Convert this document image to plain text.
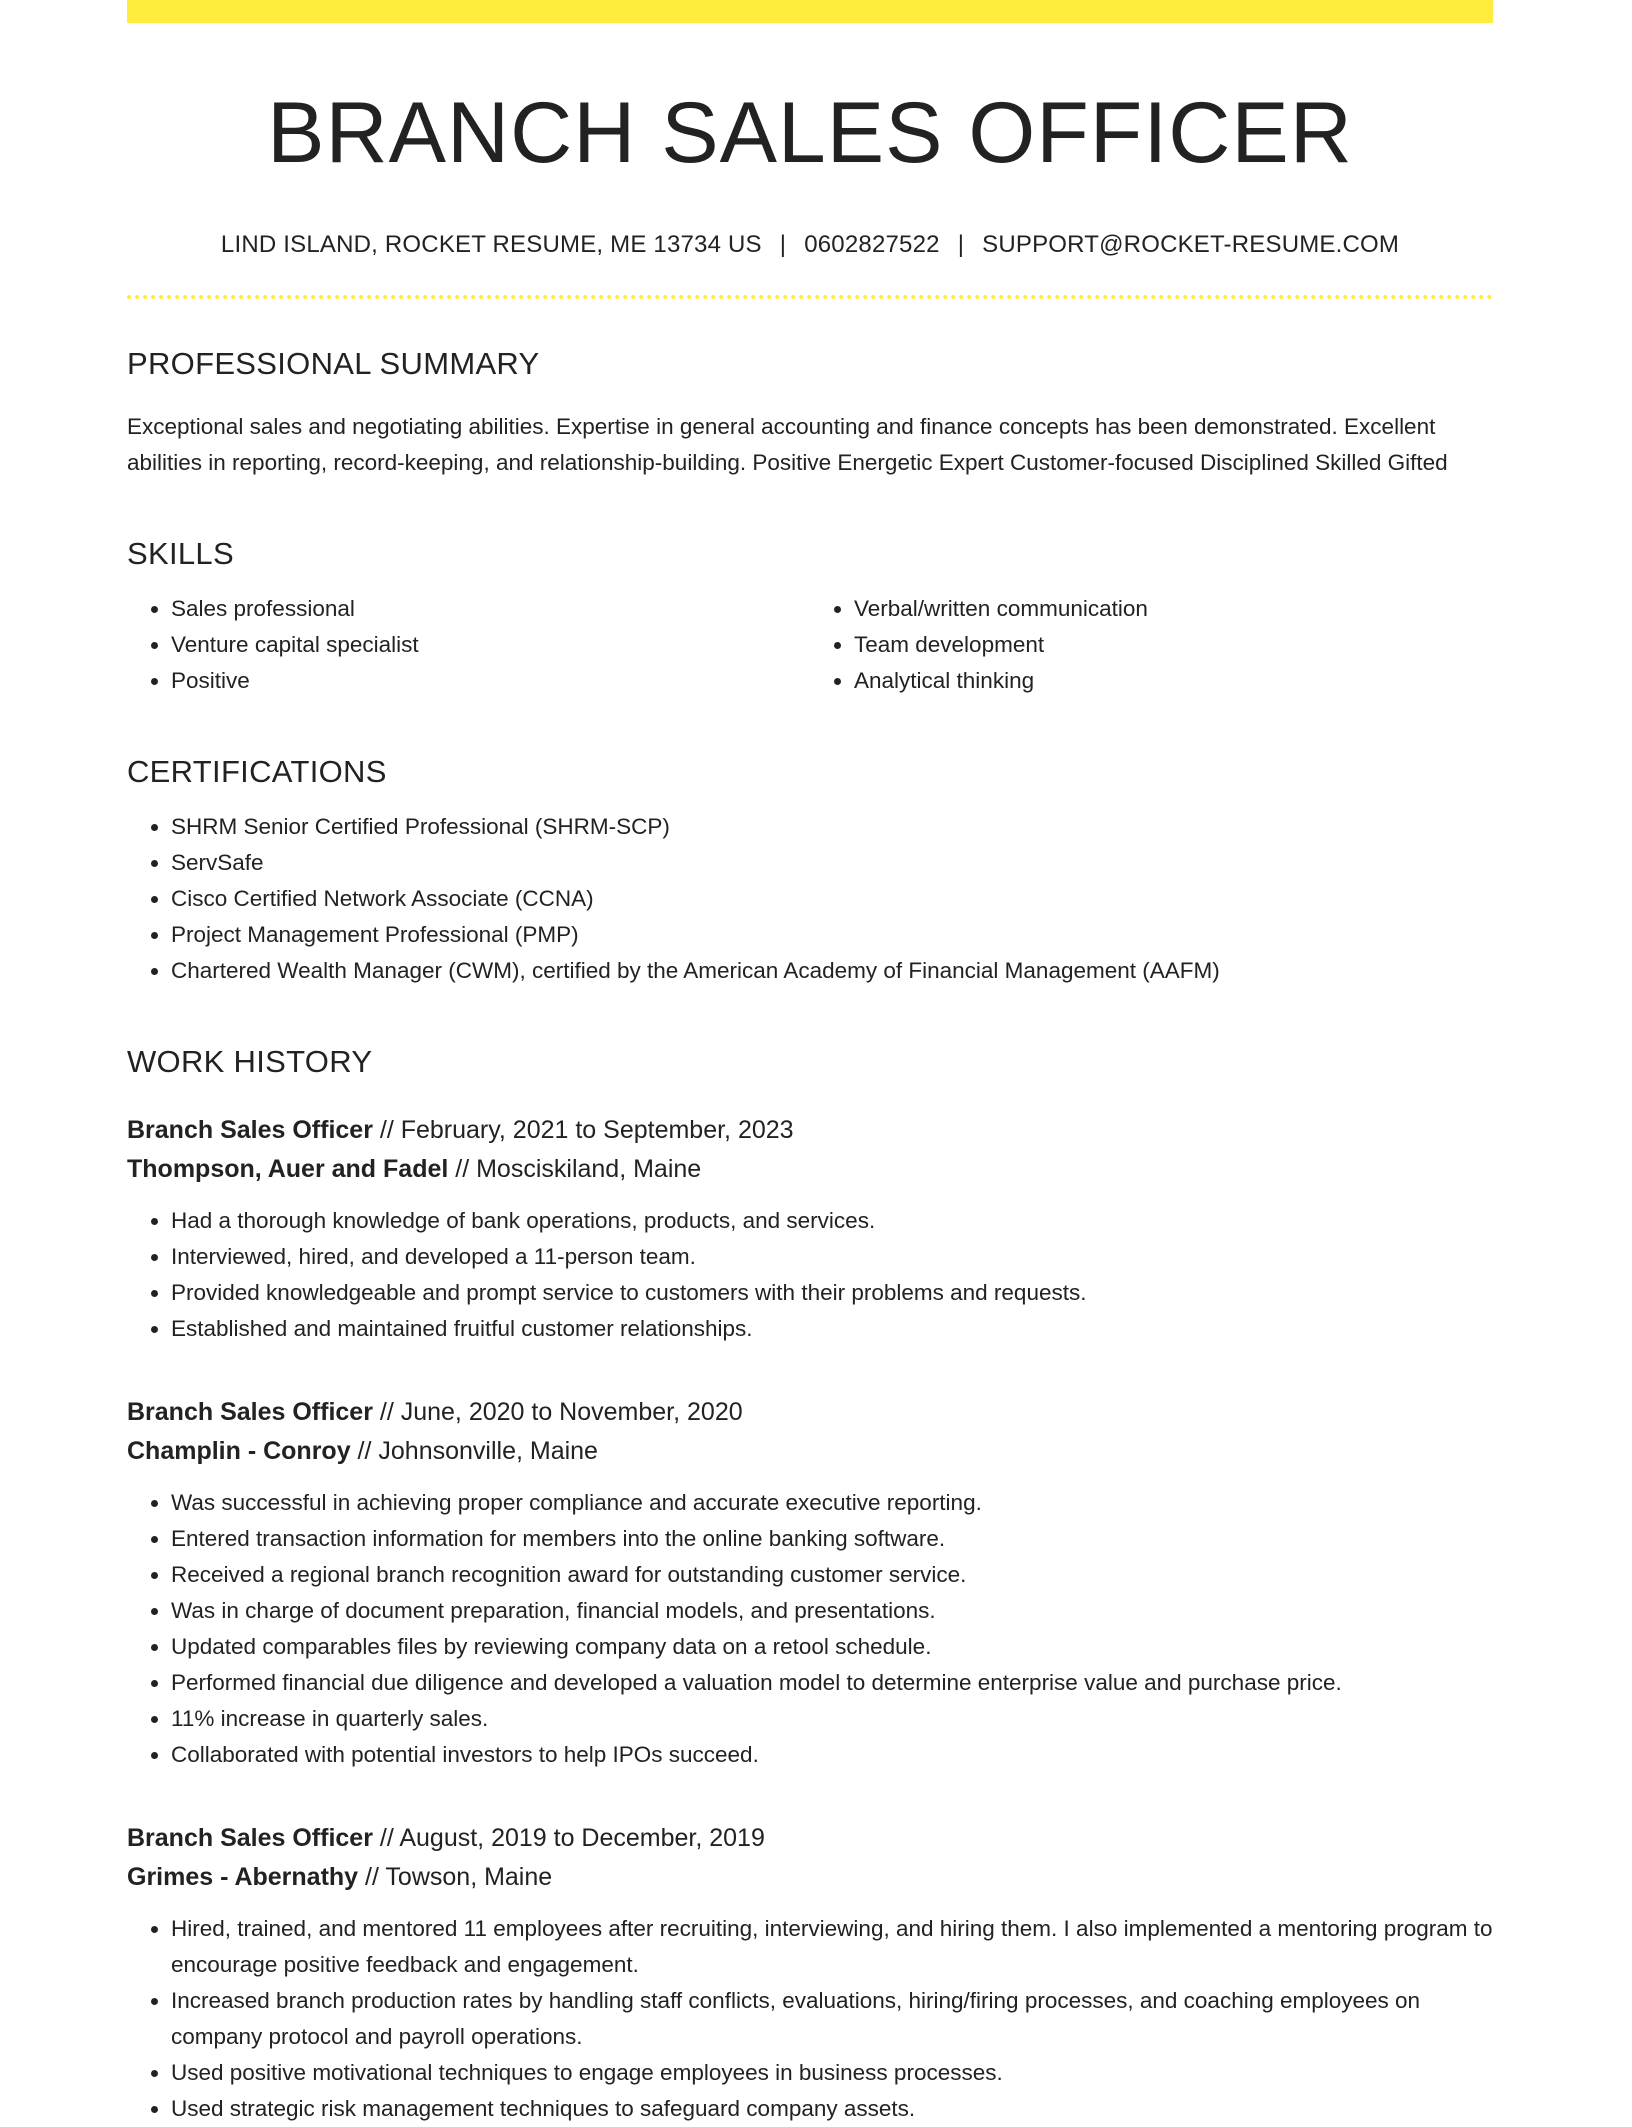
BRANCH SALES OFFICER
LIND ISLAND, ROCKET RESUME, ME 13734 US | 0602827522 | SUPPORT@ROCKET-RESUME.COM
PROFESSIONAL SUMMARY

Exceptional sales and negotiating abilities. Expertise in general accounting and finance concepts has been demonstrated. Excellent abilities in reporting, record-keeping, and relationship-building. Positive Energetic Expert Customer-focused Disciplined Skilled Gifted

SKILLS
• Sales professional
• Venture capital specialist
• Positive
• Verbal/written communication
• Team development
• Analytical thinking
CERTIFICATIONS
• SHRM Senior Certified Professional (SHRM-SCP)
• ServSafe
• Cisco Certified Network Associate (CCNA)
• Project Management Professional (PMP)
• Chartered Wealth Manager (CWM), certified by the American Academy of Financial Management (AAFM)
WORK HISTORY
Branch Sales Officer // February, 2021 to September, 2023
Thompson, Auer and Fadel // Mosciskiland, Maine
• Had a thorough knowledge of bank operations, products, and services.
• Interviewed, hired, and developed a 11-person team.
• Provided knowledgeable and prompt service to customers with their problems and requests.
• Established and maintained fruitful customer relationships.
Branch Sales Officer // June, 2020 to November, 2020
Champlin - Conroy // Johnsonville, Maine
• Was successful in achieving proper compliance and accurate executive reporting.
• Entered transaction information for members into the online banking software.
• Received a regional branch recognition award for outstanding customer service.
• Was in charge of document preparation, financial models, and presentations.
• Updated comparables files by reviewing company data on a retool schedule.
• Performed financial due diligence and developed a valuation model to determine enterprise value and purchase price.
• 11% increase in quarterly sales.
• Collaborated with potential investors to help IPOs succeed.
Branch Sales Officer // August, 2019 to December, 2019
Grimes - Abernathy // Towson, Maine
• Hired, trained, and mentored 11 employees after recruiting, interviewing, and hiring them. I also implemented a mentoring program to encourage positive feedback and engagement.
• Increased branch production rates by handling staff conflicts, evaluations, hiring/firing processes, and coaching employees on company protocol and payroll operations.
• Used positive motivational techniques to engage employees in business processes.
• Used strategic risk management techniques to safeguard company assets.
